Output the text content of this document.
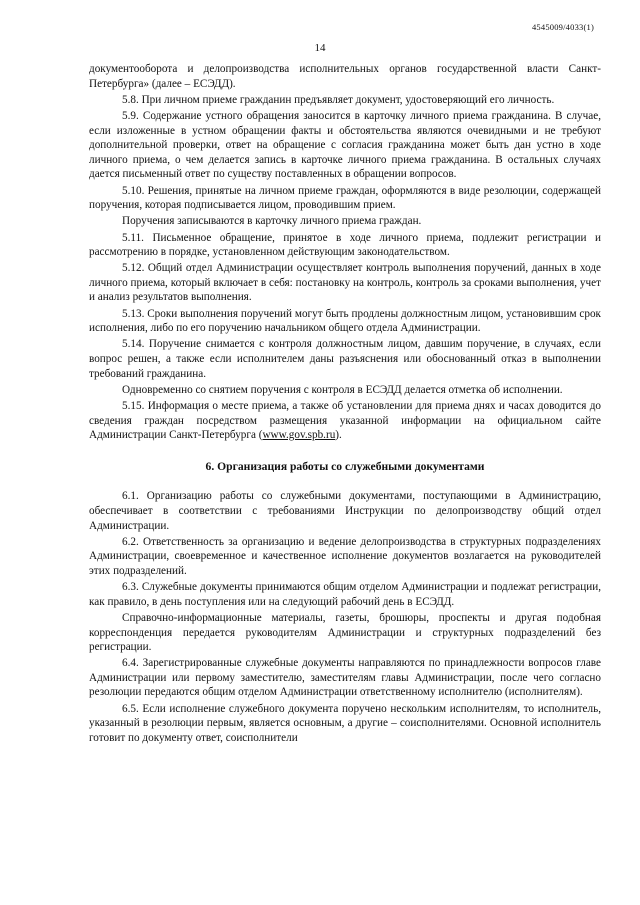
4545009/4033(1)
14

документооборота и делопроизводства исполнительных органов государственной власти Санкт-Петербурга» (далее – ЕСЭДД).

5.8. При личном приеме гражданин предъявляет документ, удостоверяющий его личность.

5.9. Содержание устного обращения заносится в карточку личного приема гражданина. В случае, если изложенные в устном обращении факты и обстоятельства являются очевидными и не требуют дополнительной проверки, ответ на обращение с согласия гражданина может быть дан устно в ходе личного приема, о чем делается запись в карточке личного приема гражданина. В остальных случаях дается письменный ответ по существу поставленных в обращении вопросов.

5.10. Решения, принятые на личном приеме граждан, оформляются в виде резолюции, содержащей поручения, которая подписывается лицом, проводившим прием.

Поручения записываются в карточку личного приема граждан.

5.11. Письменное обращение, принятое в ходе личного приема, подлежит регистрации и рассмотрению в порядке, установленном действующим законодательством.

5.12. Общий отдел Администрации осуществляет контроль выполнения поручений, данных в ходе личного приема, который включает в себя: постановку на контроль, контроль за сроками выполнения, учет и анализ результатов выполнения.

5.13. Сроки выполнения поручений могут быть продлены должностным лицом, установившим срок исполнения, либо по его поручению начальником общего отдела Администрации.

5.14. Поручение снимается с контроля должностным лицом, давшим поручение, в случаях, если вопрос решен, а также если исполнителем даны разъяснения или обоснованный отказ в выполнении требований гражданина.

Одновременно со снятием поручения с контроля в ЕСЭДД делается отметка об исполнении.

5.15. Информация о месте приема, а также об установлении для приема днях и часах доводится до сведения граждан посредством размещения указанной информации на официальном сайте Администрации Санкт-Петербурга (www.gov.spb.ru).

6. Организация работы со служебными документами

6.1. Организацию работы со служебными документами, поступающими в Администрацию, обеспечивает в соответствии с требованиями Инструкции по делопроизводству общий отдел Администрации.

6.2. Ответственность за организацию и ведение делопроизводства в структурных подразделениях Администрации, своевременное и качественное исполнение документов возлагается на руководителей этих подразделений.

6.3. Служебные документы принимаются общим отделом Администрации и подлежат регистрации, как правило, в день поступления или на следующий рабочий день в ЕСЭДД.

Справочно-информационные материалы, газеты, брошюры, проспекты и другая подобная корреспонденция передается руководителям Администрации и структурных подразделений без регистрации.

6.4. Зарегистрированные служебные документы направляются по принадлежности вопросов главе Администрации или первому заместителю, заместителям главы Администрации, после чего согласно резолюции передаются общим отделом Администрации ответственному исполнителю (исполнителям).

6.5. Если исполнение служебного документа поручено нескольким исполнителям, то исполнитель, указанный в резолюции первым, является основным, а другие – соисполнителями. Основной исполнитель готовит по документу ответ, соисполнители
